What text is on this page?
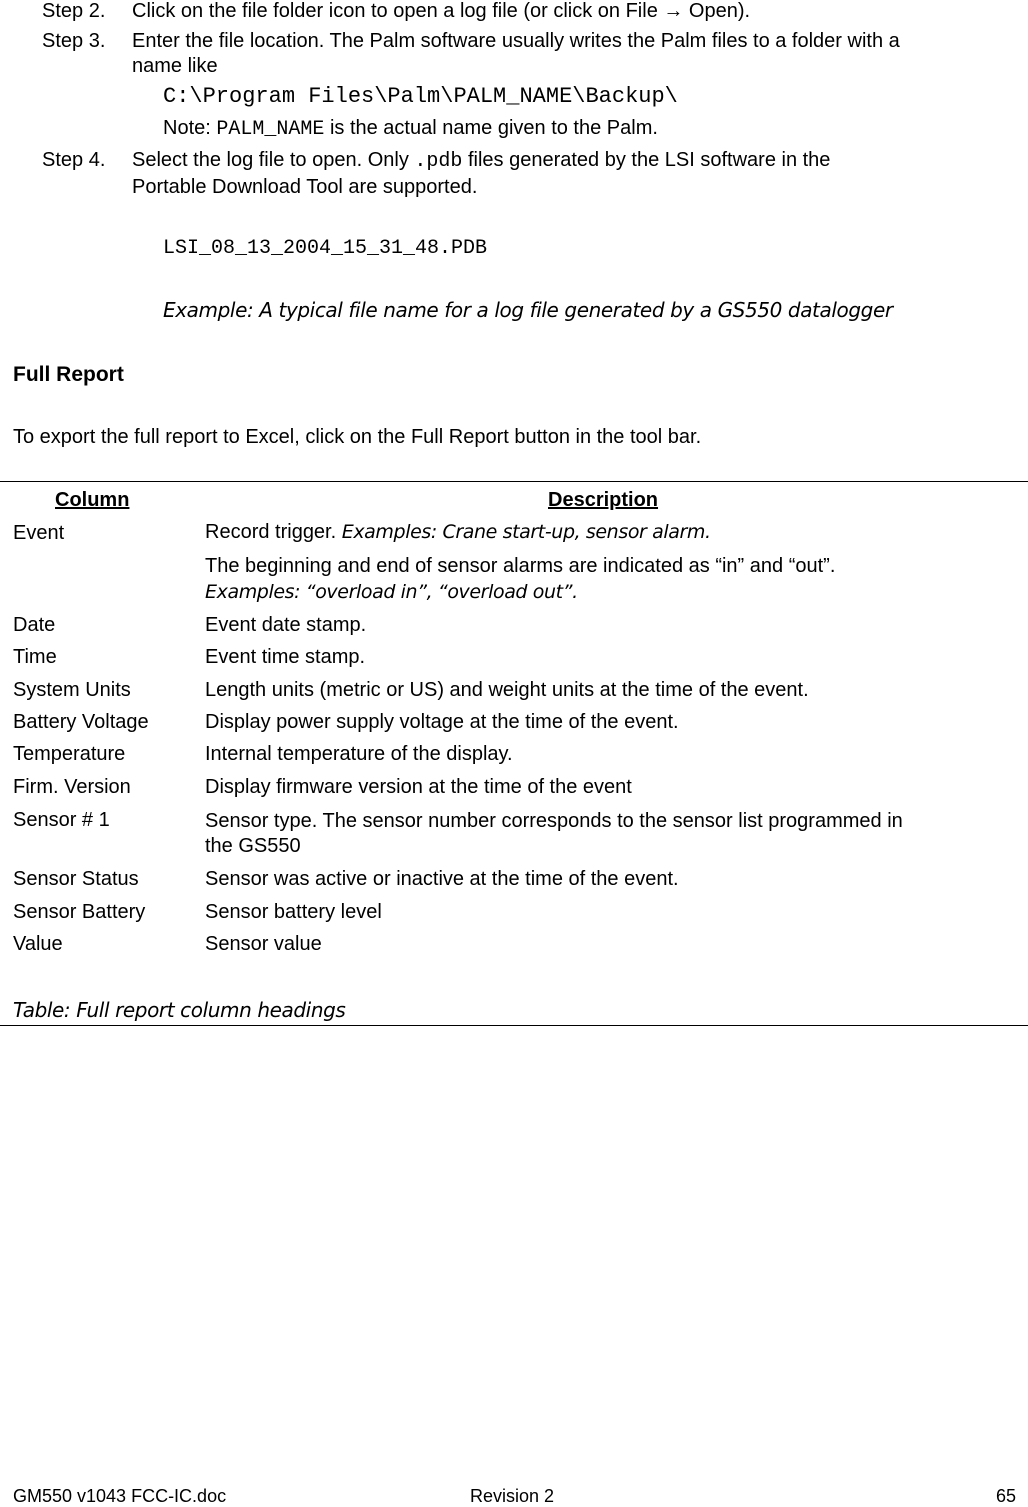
Step 2. Click on the file folder icon to open a log file (or click on File → Open).
Step 3. Enter the file location. The Palm software usually writes the Palm files to a folder with a
name like
C:\Program Files\Palm\PALM_NAME\Backup\
Note: PALM_NAME is the actual name given to the Palm.
Step 4. Select the log file to open. Only .pdb files generated by the LSI software in the
Portable Download Tool are supported.
LSI_08_13_2004_15_31_48.PDB
Example: A typical file name for a log file generated by a GS550 datalogger
Full Report
To export the full report to Excel, click on the Full Report button in the tool bar.
Column	Description
Event	Record trigger. Examples: Crane start-up, sensor alarm.
The beginning and end of sensor alarms are indicated as “in” and “out”.
Examples: “overload in”, “overload out”.
Date	Event date stamp.
Time	Event time stamp.
System Units	Length units (metric or US) and weight units at the time of the event.
Battery Voltage	Display power supply voltage at the time of the event.
Temperature	Internal temperature of the display.
Firm. Version	Display firmware version at the time of the event
Sensor # 1	Sensor type. The sensor number corresponds to the sensor list programmed in
the GS550
Sensor Status	Sensor was active or inactive at the time of the event.
Sensor Battery	Sensor battery level
Value	Sensor value
Table: Full report column headings
GM550 v1043 FCC-IC.doc	Revision 2	65
